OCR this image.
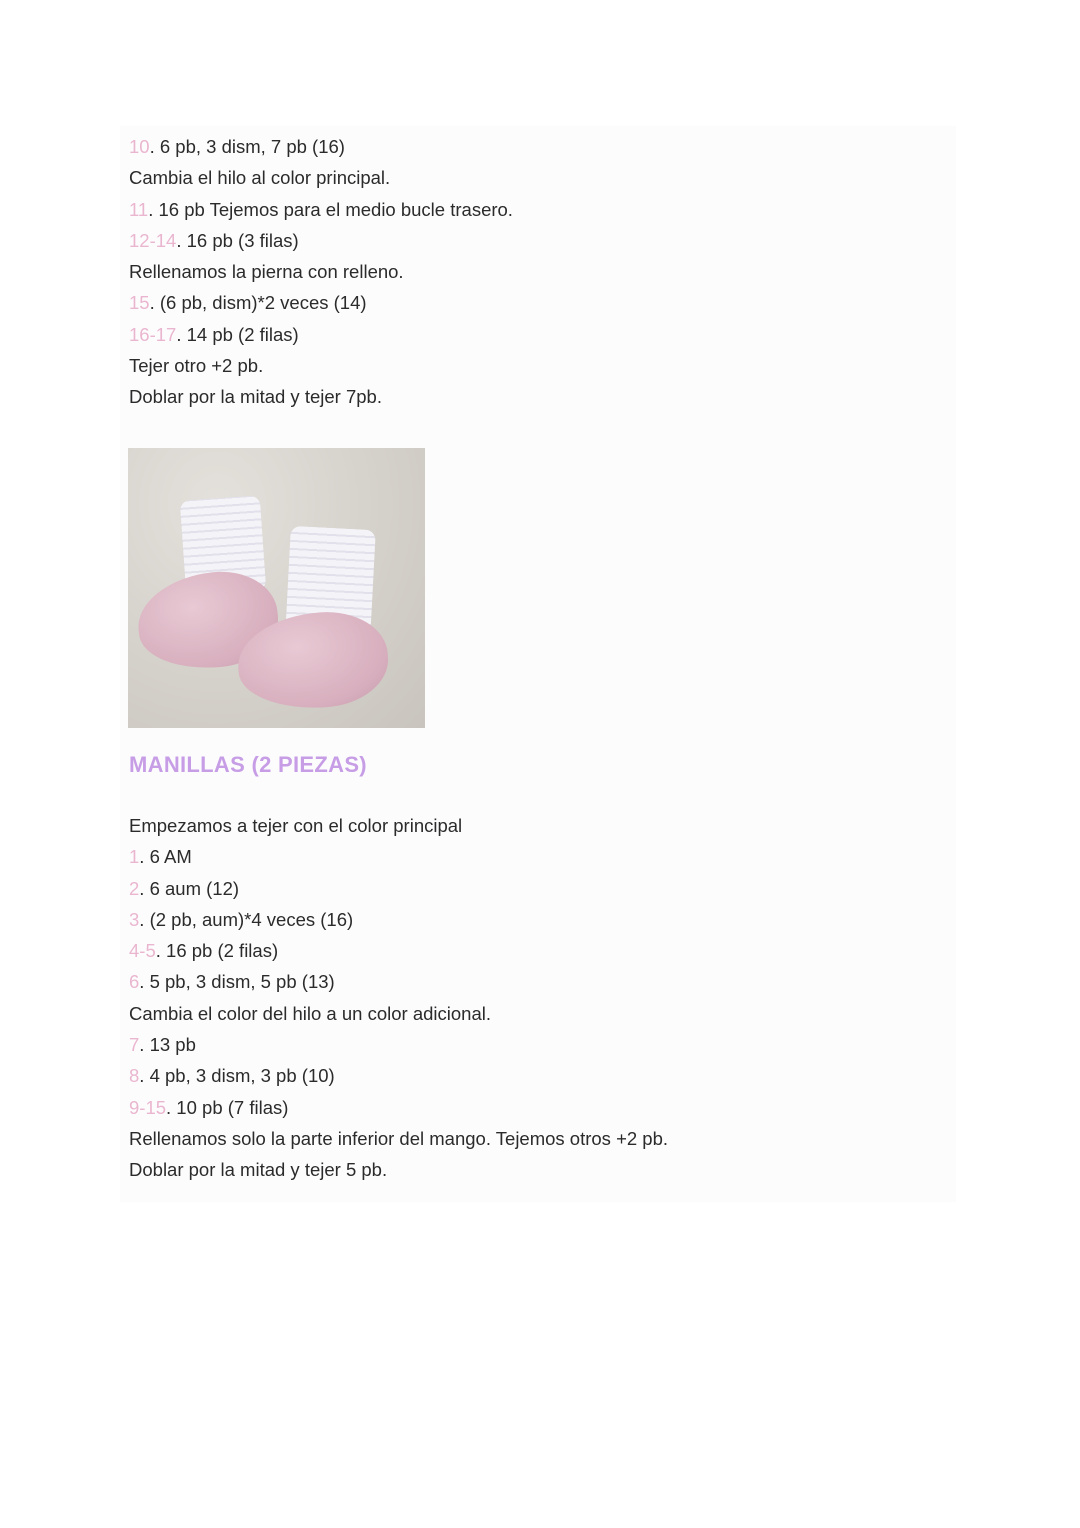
10. 6 pb, 3 dism, 7 pb (16)
Cambia el hilo al color principal.
11. 16 pb Tejemos para el medio bucle trasero.
12-14. 16 pb (3 filas)
Rellenamos la pierna con relleno.
15. (6 pb, dism)*2 veces (14)
16-17. 14 pb (2 filas)
Tejer otro +2 pb.
Doblar por la mitad y tejer 7pb.
MANILLAS (2 PIEZAS)
Empezamos a tejer con el color principal
1. 6 AM
2. 6 aum (12)
3. (2 pb, aum)*4 veces (16)
4-5. 16 pb (2 filas)
6. 5 pb, 3 dism, 5 pb (13)
Cambia el color del hilo a un color adicional.
7. 13 pb
8. 4 pb, 3 dism, 3 pb (10)
9-15. 10 pb (7 filas)
Rellenamos solo la parte inferior del mango. Tejemos otros +2 pb.
Doblar por la mitad y tejer 5 pb.
